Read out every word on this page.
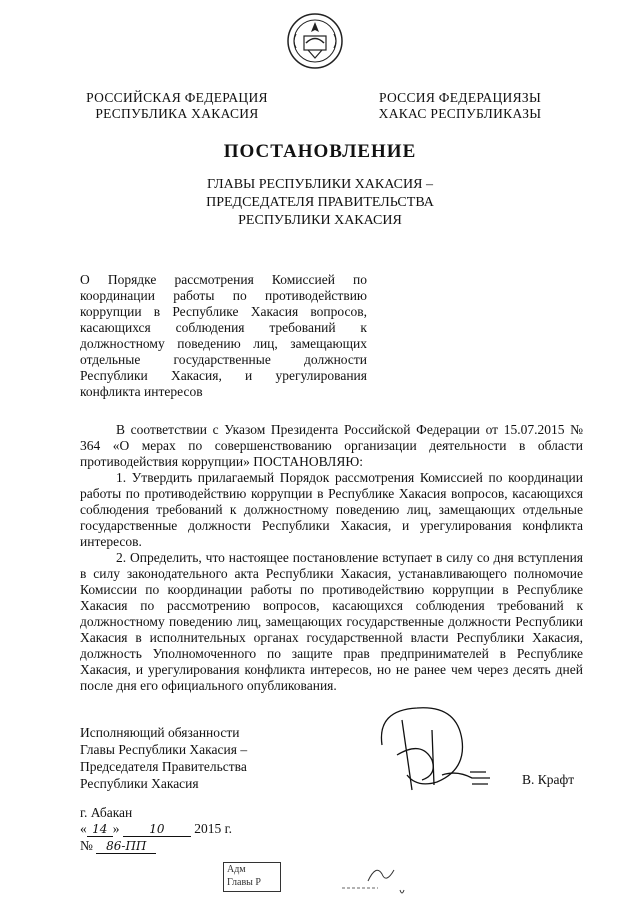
РОССИЙСКАЯ ФЕДЕРАЦИЯ
РЕСПУБЛИКА ХАКАСИЯ
РОССИЯ ФЕДЕРАЦИЯЗЫ
ХАКАС РЕСПУБЛИКАЗЫ
ПОСТАНОВЛЕНИЕ
ГЛАВЫ РЕСПУБЛИКИ ХАКАСИЯ –
ПРЕДСЕДАТЕЛЯ ПРАВИТЕЛЬСТВА
РЕСПУБЛИКИ ХАКАСИЯ
О Порядке рассмотрения Комиссией по координации работы по противодействию коррупции в Республике Хакасия вопросов, касающихся соблюдения требований к должностному поведению лиц, замещающих отдельные государственные должности Республики Хакасия, и урегулирования конфликта интересов

В соответствии с Указом Президента Российской Федерации от 15.07.2015 № 364 «О мерах по совершенствованию организации деятельности в области противодействия коррупции» ПОСТАНОВЛЯЮ:

1. Утвердить прилагаемый Порядок рассмотрения Комиссией по координации работы по противодействию коррупции в Республике Хакасия вопросов, касающихся соблюдения требований к должностному поведению лиц, замещающих отдельные государственные должности Республики Хакасия, и урегулирования конфликта интересов.

2. Определить, что настоящее постановление вступает в силу со дня вступления в силу законодательного акта Республики Хакасия, устанавливающего полномочие Комиссии по координации работы по противодействию коррупции в Республике Хакасия по рассмотрению вопросов, касающихся соблюдения требований к должностному поведению лиц, замещающих государственные должности Республики Хакасия в исполнительных органах государственной власти Республики Хакасия, должность Уполномоченного по защите прав предпринимателей в Республике Хакасия, и урегулирования конфликта интересов, но не ранее чем через десять дней после дня его официального опубликования.

Исполняющий обязанности
Главы Республики Хакасия –
Председателя Правительства
Республики Хакасия	В. Крафт
г. Абакан
« 14 » 10 2015 г.
№ 86-ПП
Адм
Главы Р
